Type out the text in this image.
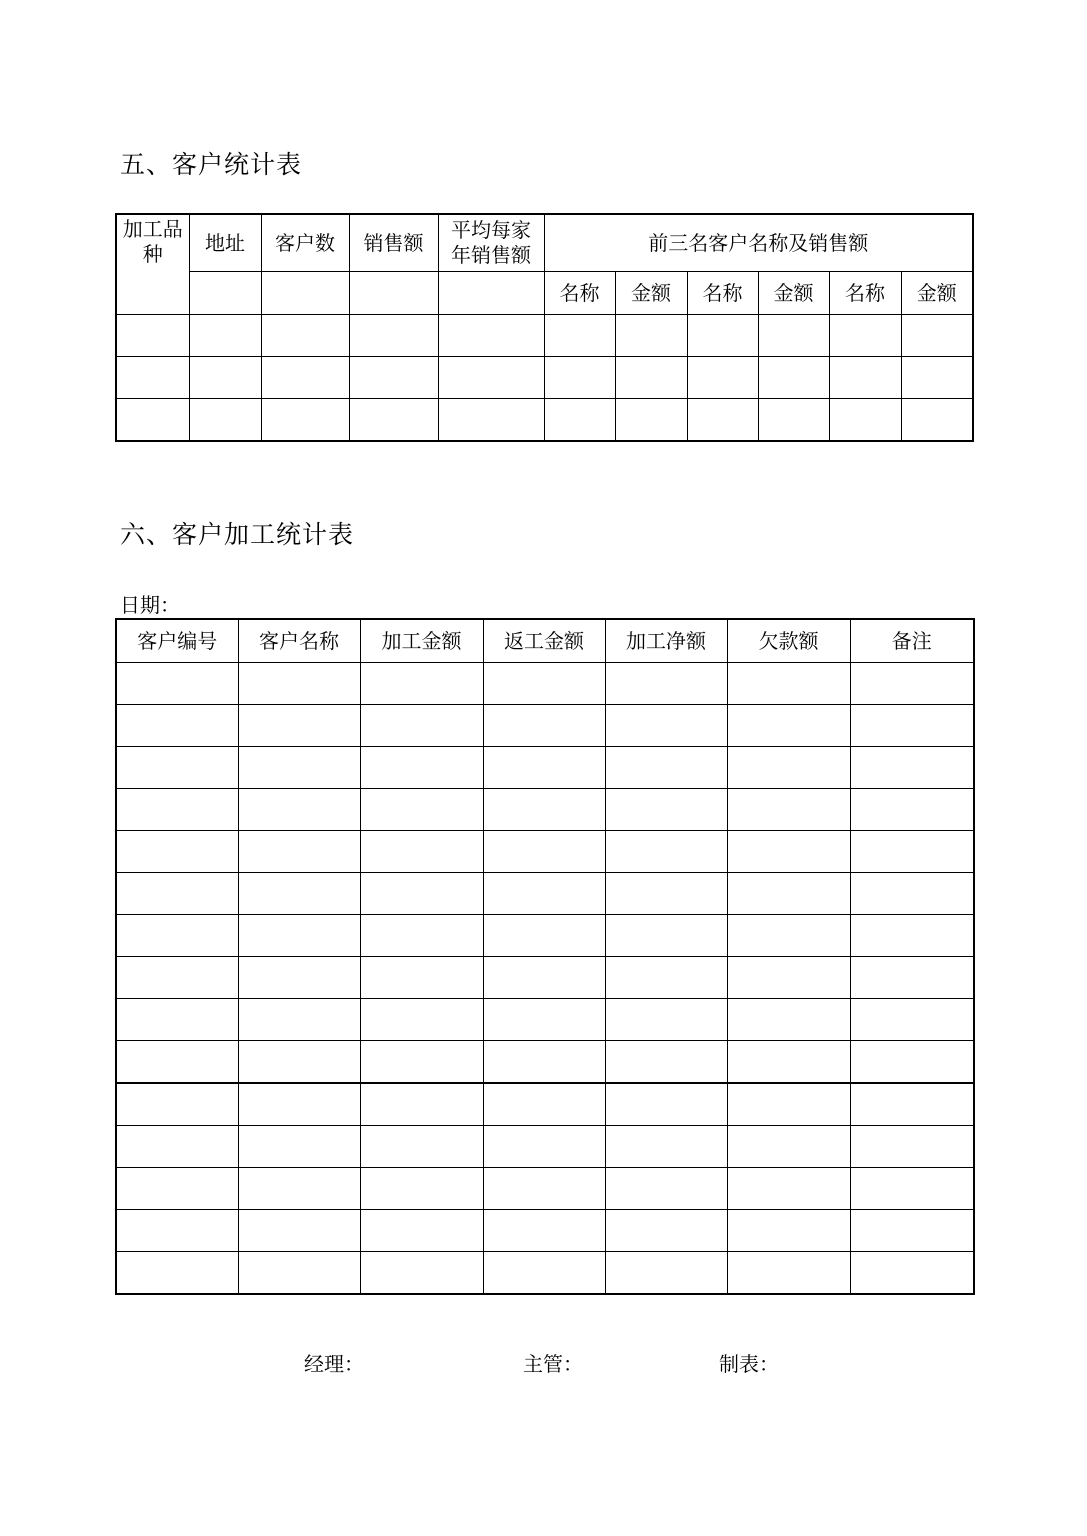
五、客户统计表
加工品种	地址	客户数	销售额	平均每家年销售额	前三名客户名称及销售额					
					名称	金额	名称	金额	名称	金额

六、客户加工统计表
日期：
客户编号	客户名称	加工金额	返工金额	加工净额	欠款额	备注

经理：	主管：	制表：
